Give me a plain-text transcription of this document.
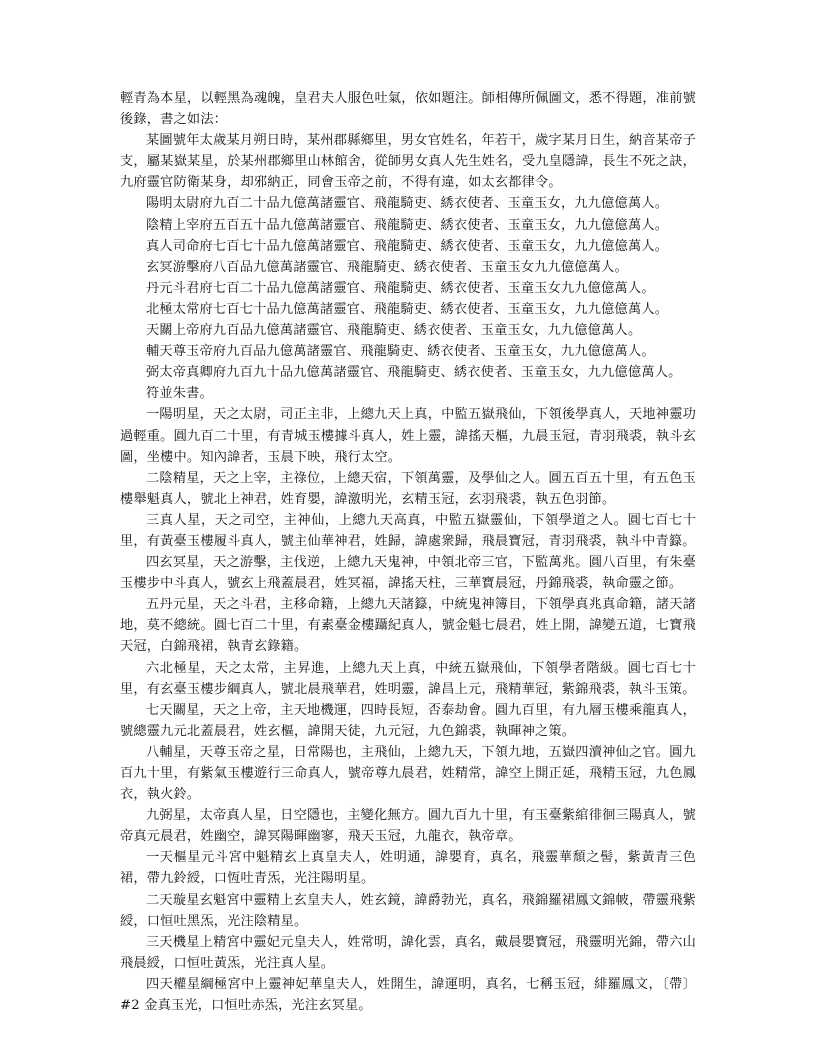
輕青為本星，以輕黑為魂魄，皇君夫人服色吐氣，依如題注。師相傳所佩圖文，悉不得題，准前號後錄，書之如法：

某圖號年太歲某月朔日時，某州郡縣鄉里，男女官姓名，年若干，歲字某月日生，納音某帝子支，屬某嶽某星，於某州郡鄉里山林館舍，從師男女真人先生姓名，受九皇隱諱，長生不死之訣，九府靈官防衛某身，却邪納正，同會玉帝之前，不得有違，如太玄都律令。

陽明太尉府九百二十品九億萬諸靈官、飛龍騎吏、綉衣使者、玉童玉女，九九億億萬人。

陰精上宰府五百五十品九億萬諸靈官、飛龍騎吏、綉衣使者、玉童玉女，九九億億萬人。

真人司命府七百七十品九億萬諸靈官、飛龍騎吏、綉衣使者、玉童玉女，九九億億萬人。

玄冥游擊府八百品九億萬諸靈官、飛龍騎吏、綉衣使者、玉童玉女九九億億萬人。

丹元斗君府七百二十品九億萬諸靈官、飛龍騎吏、綉衣使者、玉童玉女九九億億萬人。

北極太常府七百七十品九億萬諸靈官、飛龍騎吏、綉衣使者、玉童玉女，九九億億萬人。

天關上帝府九百品九億萬諸靈官、飛龍騎吏、綉衣使者、玉童玉女，九九億億萬人。

輔天尊玉帝府九百品九億萬諸靈官、飛龍騎吏、綉衣使者、玉童玉女，九九億億萬人。

弼太帝真卿府九百九十品九億萬諸靈官、飛龍騎吏、綉衣使者、玉童玉女，九九億億萬人。

符並朱書。

一陽明星，天之太尉，司正主非，上總九天上真，中監五嶽飛仙，下領後學真人，天地神靈功過輕重。圓九百二十里，有青城玉樓據斗真人，姓上靈，諱搖天樞，九晨玉冠，青羽飛裘，執斗玄圖，坐樓中。知內諱者，玉晨下映，飛行太空。

二陰精星，天之上宰，主祿位，上總天宿，下領萬靈，及學仙之人。圓五百五十里，有五色玉樓舉魁真人，號北上神君，姓育嬰，諱激明光，玄精玉冠，玄羽飛裘，執五色羽節。

三真人星，天之司空，主神仙，上總九天高真，中監五嶽靈仙，下領學道之人。圓七百七十里，有黃臺玉樓履斗真人，號主仙華神君，姓歸，諱處衆歸，飛晨寶冠，青羽飛裘，執斗中青籙。

四玄冥星，天之游擊，主伐逆，上總九天鬼神，中領北帝三官，下監萬兆。圓八百里，有朱臺玉樓步中斗真人，號玄上飛蓋晨君，姓冥福，諱搖天柱，三華寶晨冠，丹錦飛裘，執命靈之節。

五丹元星，天之斗君，主移命籍，上總九天諸籙，中統鬼神簿目，下領學真兆真命籍，諸天諸地，莫不總統。圓七百二十里，有素臺金樓躡紀真人，號金魁七晨君，姓上開，諱變五道，七寶飛天冠，白錦飛裙，執青玄錄籍。

六北極星，天之太常，主昇進，上總九天上真，中統五嶽飛仙，下領學者階級。圓七百七十里，有玄臺玉樓步綱真人，號北晨飛華君，姓明靈，諱昌上元，飛精華冠，紫錦飛裘，執斗玉策。

七天關星，天之上帝，主天地機運，四時長短，否泰劫會。圓九百里，有九層玉樓乘龍真人，號總靈九元北蓋晨君，姓玄樞，諱開天徒，九元冠，九色錦裘，執暉神之策。

八輔星，天尊玉帝之星，日常陽也，主飛仙，上總九天，下領九地，五嶽四瀆神仙之官。圓九百九十里，有紫氣玉樓遊行三命真人，號帝尊九晨君，姓精常，諱空上開正延，飛精玉冠，九色鳳衣，執火鈴。

九弼星，太帝真人星，日空隱也，主變化無方。圓九百九十里，有玉臺紫綰徘徊三陽真人，號帝真元晨君，姓幽空，諱冥陽暉幽寥，飛天玉冠，九龍衣，執帝章。

一天樞星元斗宮中魁精玄上真皇夫人，姓明通，諱嬰育，真名，飛靈華頹之髻，紫黃青三色裙，帶九鈴綬，口恆吐青炁，光注陽明星。

二天璇星玄魁宮中靈精上玄皇夫人，姓玄鏡，諱爵勃光，真名，飛錦羅裙鳳文錦帔，帶靈飛紫綬，口恒吐黑炁，光注陰精星。

三天機星上精宮中靈妃元皇夫人，姓常明，諱化雲，真名，戴晨嬰寶冠，飛靈明光錦，帶六山飛晨綬，口恒吐黃炁，光注真人星。

四天權星綱極宮中上靈神妃華皇夫人，姓開生，諱運明，真名，七稱玉冠，緋羅鳳文，〔帶〕#2 金真玉光，口恒吐赤炁，光注玄冥星。
